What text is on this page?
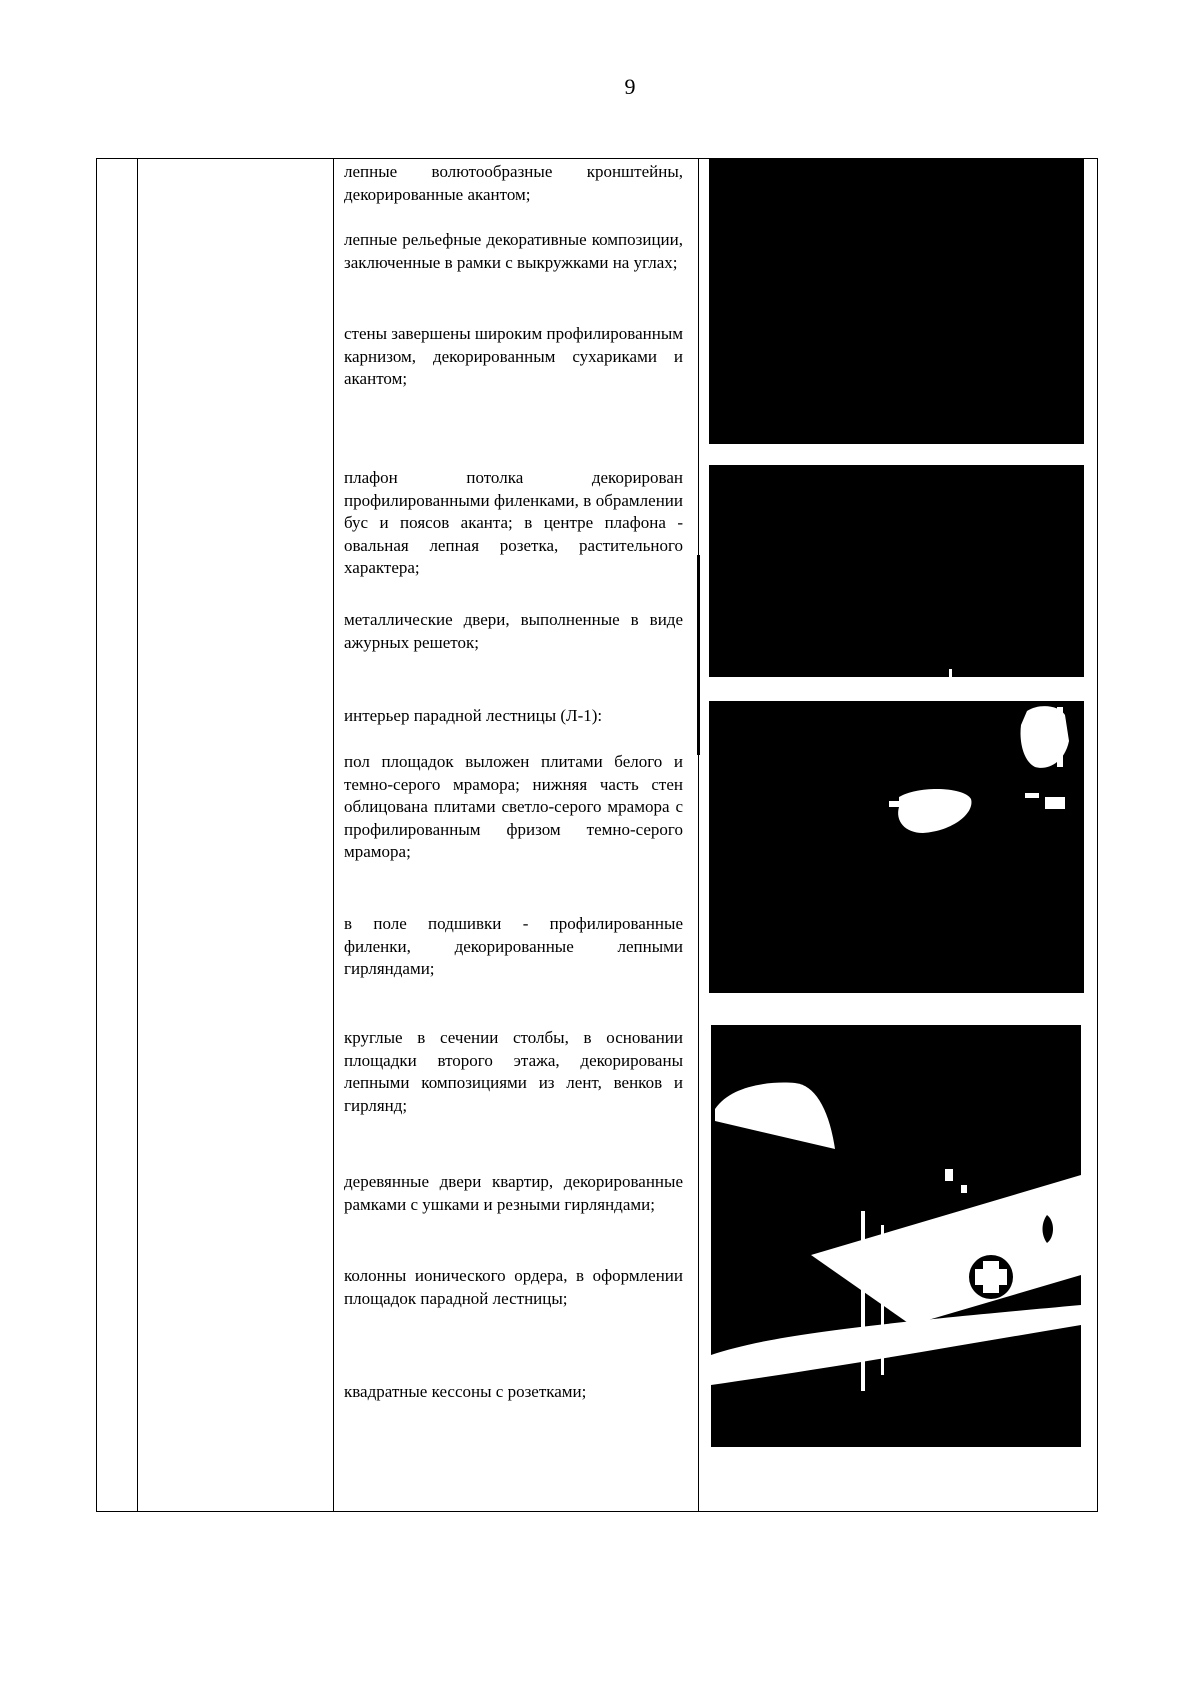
9
лепные волютообразные кронштейны, декорированные акантом;
лепные рельефные декоративные композиции, заключенные в рамки с выкружками на углах;
стены завершены широким профилированным карнизом, декорированным сухариками и акантом;
плафон потолка декорирован профилированными филенками, в обрамлении бус и поясов аканта; в центре плафона - овальная лепная розетка, растительного характера;
металлические двери, выполненные в виде ажурных решеток;
интерьер парадной лестницы (Л-1):
пол площадок выложен плитами белого и темно-серого мрамора; нижняя часть стен облицована плитами светло-серого мрамора с профилированным фризом темно-серого мрамора;
в поле подшивки - профилированные филенки, декорированные лепными гирляндами;
круглые в сечении столбы, в основании площадки второго этажа, декорированы лепными композициями из лент, венков и гирлянд;
деревянные двери квартир, декорированные рамками с ушками и резными гирляндами;
колонны ионического ордера, в оформлении площадок парадной лестницы;
квадратные кессоны с розетками;
